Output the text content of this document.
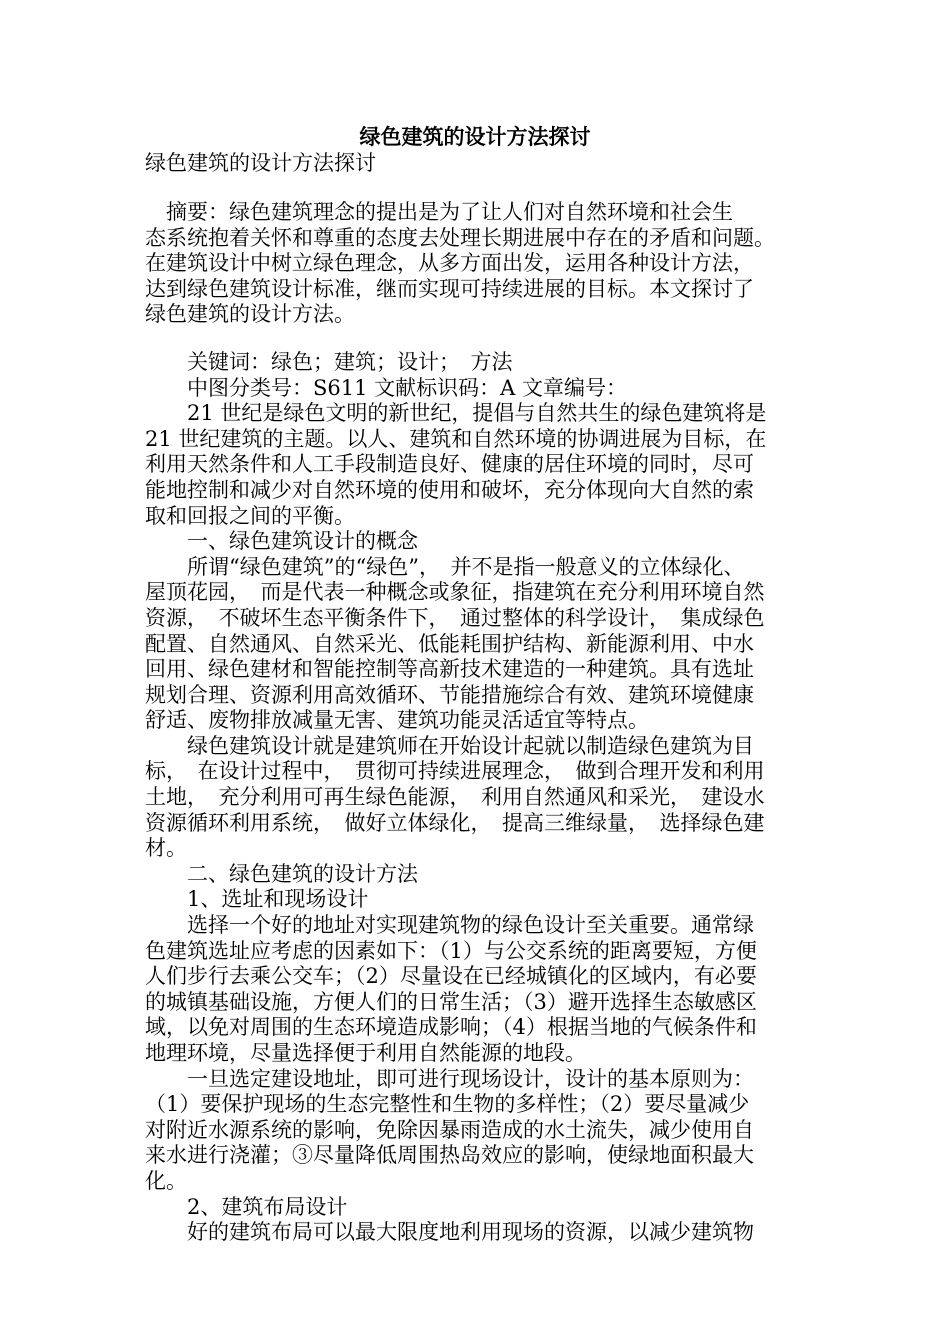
绿色建筑的设计方法探讨
绿色建筑的设计方法探讨
　摘要：绿色建筑理念的提出是为了让人们对自然环境和社会生
态系统抱着关怀和尊重的态度去处理长期进展中存在的矛盾和问题。
在建筑设计中树立绿色理念，从多方面出发，运用各种设计方法，
达到绿色建筑设计标准，继而实现可持续进展的目标。本文探讨了
绿色建筑的设计方法。
　　关键词：绿色；建筑；设计；　方法
　　中图分类号：S611 文献标识码：A 文章编号：
　　21 世纪是绿色文明的新世纪，提倡与自然共生的绿色建筑将是
21 世纪建筑的主题。以人、建筑和自然环境的协调进展为目标，在
利用天然条件和人工手段制造良好、健康的居住环境的同时，尽可
能地控制和减少对自然环境的使用和破坏，充分体现向大自然的索
取和回报之间的平衡。
　　一、绿色建筑设计的概念
　　所谓“绿色建筑”的“绿色”，　并不是指一般意义的立体绿化、
屋顶花园，　而是代表一种概念或象征，指建筑在充分利用环境自然
资源，　不破坏生态平衡条件下，　通过整体的科学设计，　集成绿色
配置、自然通风、自然采光、低能耗围护结构、新能源利用、中水
回用、绿色建材和智能控制等高新技术建造的一种建筑。具有选址
规划合理、资源利用高效循环、节能措施综合有效、建筑环境健康
舒适、废物排放减量无害、建筑功能灵活适宜等特点。
　　绿色建筑设计就是建筑师在开始设计起就以制造绿色建筑为目
标，　在设计过程中，　贯彻可持续进展理念，　做到合理开发和利用
土地，　充分利用可再生绿色能源，　利用自然通风和采光，　建设水
资源循环利用系统，　做好立体绿化，　提高三维绿量，　选择绿色建
材。
　　二、绿色建筑的设计方法
　　1、选址和现场设计
　　选择一个好的地址对实现建筑物的绿色设计至关重要。通常绿
色建筑选址应考虑的因素如下：（1）与公交系统的距离要短，方便
人们步行去乘公交车；（2）尽量设在已经城镇化的区域内，有必要
的城镇基础设施，方便人们的日常生活；（3）避开选择生态敏感区
域，以免对周围的生态环境造成影响；（4）根据当地的气候条件和
地理环境，尽量选择便于利用自然能源的地段。
　　一旦选定建设地址，即可进行现场设计，设计的基本原则为：
（1）要保护现场的生态完整性和生物的多样性；（2）要尽量减少
对附近水源系统的影响，免除因暴雨造成的水土流失，减少使用自
来水进行浇灌；③尽量降低周围热岛效应的影响，使绿地面积最大
化。
　　2、建筑布局设计
　　好的建筑布局可以最大限度地利用现场的资源，以减少建筑物
